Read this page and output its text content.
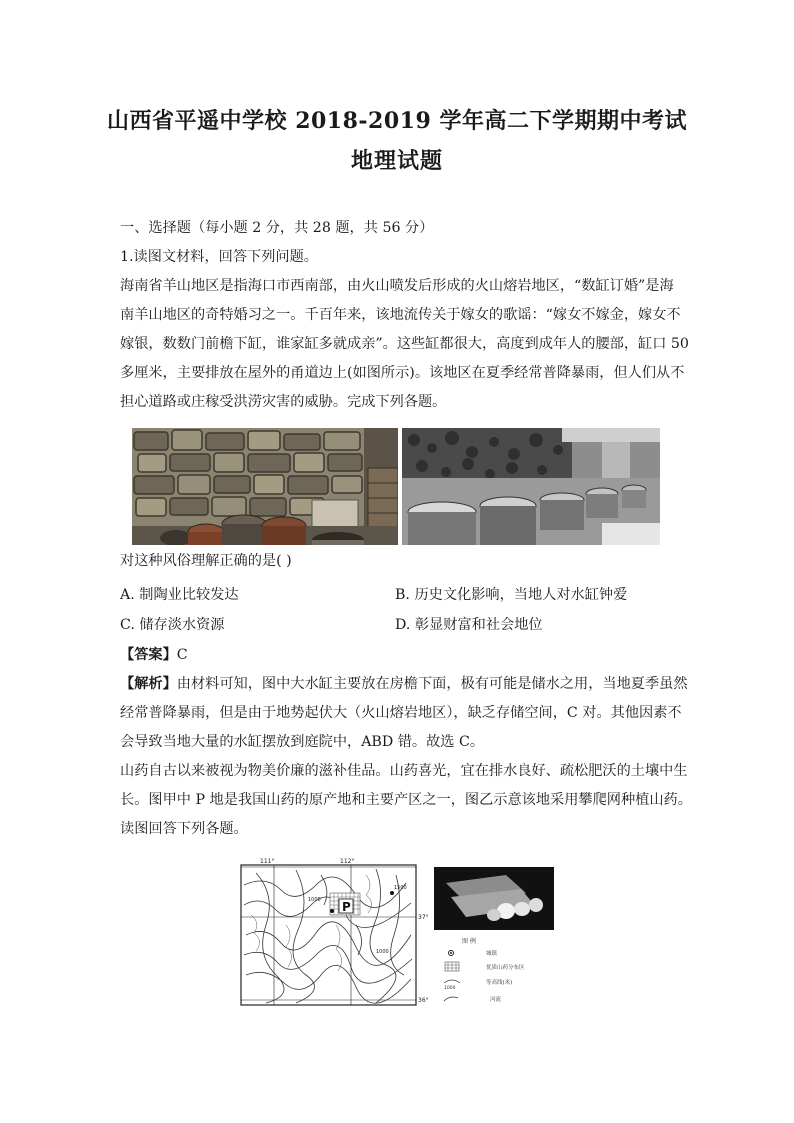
山西省平遥中学校 2018-2019 学年高二下学期期中考试
地理试题
一、选择题（每小题 2 分，共 28 题，共 56 分）
1.读图文材料，回答下列问题。
海南省羊山地区是指海口市西南部，由火山喷发后形成的火山熔岩地区，“数缸订婚”是海
南羊山地区的奇特婚习之一。千百年来，该地流传关于嫁女的歌谣：“嫁女不嫁金，嫁女不
嫁银，数数门前檐下缸，谁家缸多就成亲”。这些缸都很大，高度到成年人的腰部，缸口 50
多厘米，主要排放在屋外的甬道边上(如图所示)。该地区在夏季经常普降暴雨，但人们从不
担心道路或庄稼受洪涝灾害的威胁。完成下列各题。
对这种风俗理解正确的是( )
A. 制陶业比较发达	B. 历史文化影响，当地人对水缸钟爱
C. 储存淡水资源	D. 彰显财富和社会地位
【答案】C
【解析】由材料可知，图中大水缸主要放在房檐下面，极有可能是储水之用，当地夏季虽然
经常普降暴雨，但是由于地势起伏大（火山熔岩地区），缺乏存储空间，C 对。其他因素不
会导致当地大量的水缸摆放到庭院中，ABD 错。故选 C。
山药自古以来被视为物美价廉的滋补佳品。山药喜光，宜在排水良好、疏松肥沃的土壤中生
长。图甲中 P 地是我国山药的原产地和主要产区之一，图乙示意该地采用攀爬网种植山药。
读图回答下列各题。
111°	112°
37°
36°
P
1000
1000
1500
图 例
城镇
优质山药分布区
1000
等高线(米)
河流
